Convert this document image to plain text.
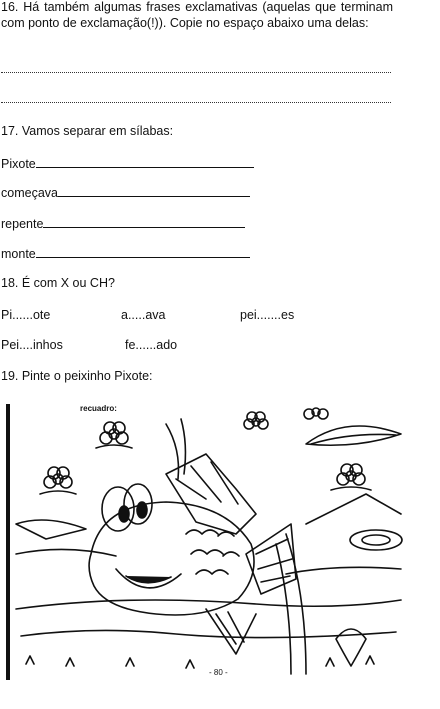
16. Há também algumas frases exclamativas (aquelas que terminam com ponto de exclamação(!)). Copie no espaço abaixo uma delas:
17. Vamos separar em sílabas:
Pixote
começava
repente
monte
18. É com X ou CH?
Pi......ote	a.....ava	pei.......es
Pei....inhos	fe......ado
19. Pinte o peixinho Pixote:
recuadro:
- 80 -
